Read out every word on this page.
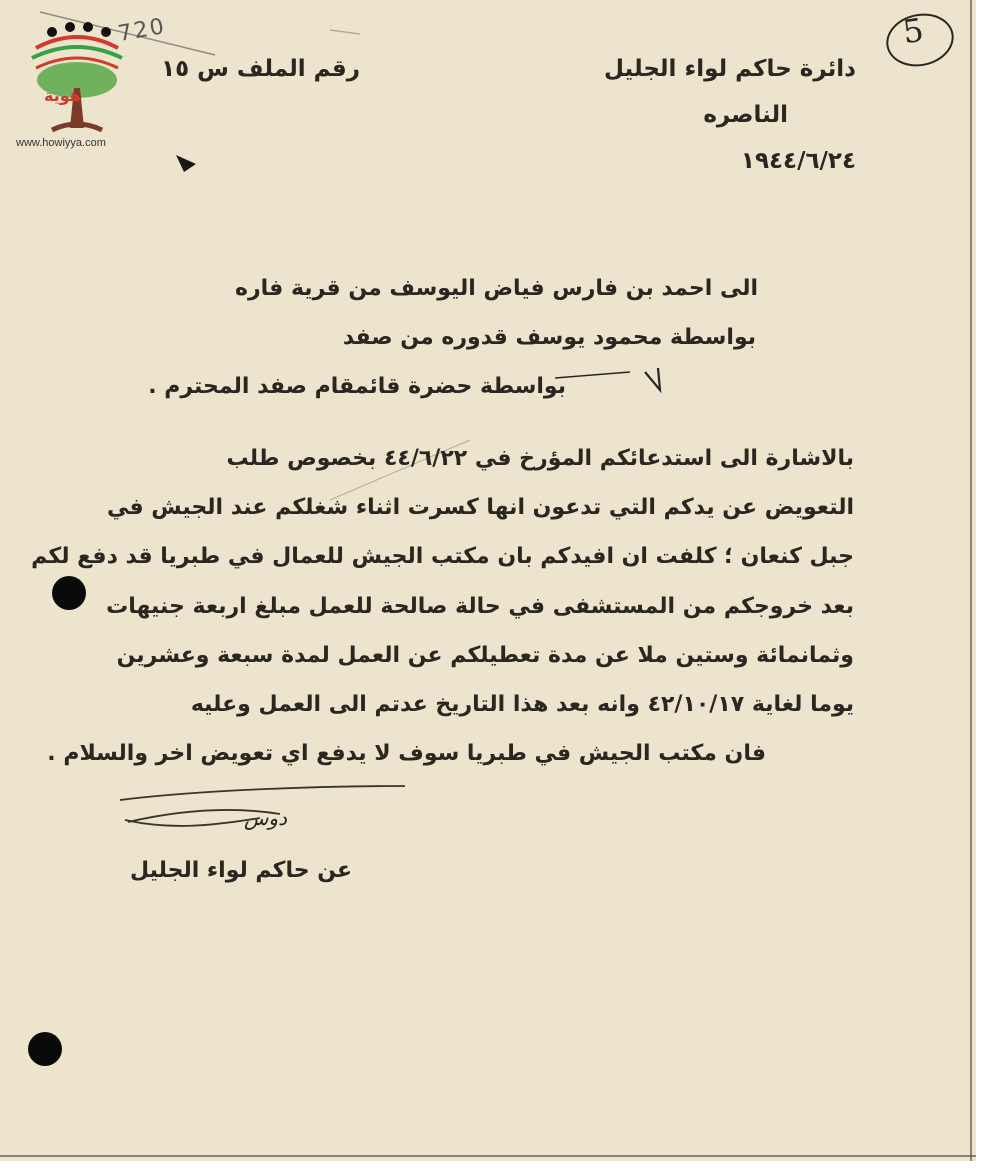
هوية
www.howiyya.com
720	5
دائرة حاكم لواء الجليل
الناصره
١٩٤٤/٦/٢٤
رقم الملف س ١٥
الى احمد بن فارس فياض اليوسف من قرية فاره
بواسطة محمود يوسف قدوره من صفد
بواسطة حضرة قائمقام صفد المحترم .
بالاشارة الى استدعائكم المؤرخ في ٤٤/٦/٢٢ بخصوص طلب
التعويض عن يدكم التي تدعون انها كسرت اثناء شغلكم عند الجيش في
جبل كنعان ؛ كلفت ان افيدكم بان مكتب الجيش للعمال في طبريا قد دفع لكم
بعد خروجكم من المستشفى في حالة صالحة للعمل مبلغ اربعة جنيهات
وثمانمائة وستين ملا عن مدة تعطيلكم عن العمل لمدة سبعة وعشرين
يوما لغاية ٤٢/١٠/١٧ وانه بعد هذا التاريخ عدتم الى العمل وعليه
فان مكتب الجيش في طبريا سوف لا يدفع اي تعويض اخر والسلام .
دوس
عن حاكم لواء الجليل
